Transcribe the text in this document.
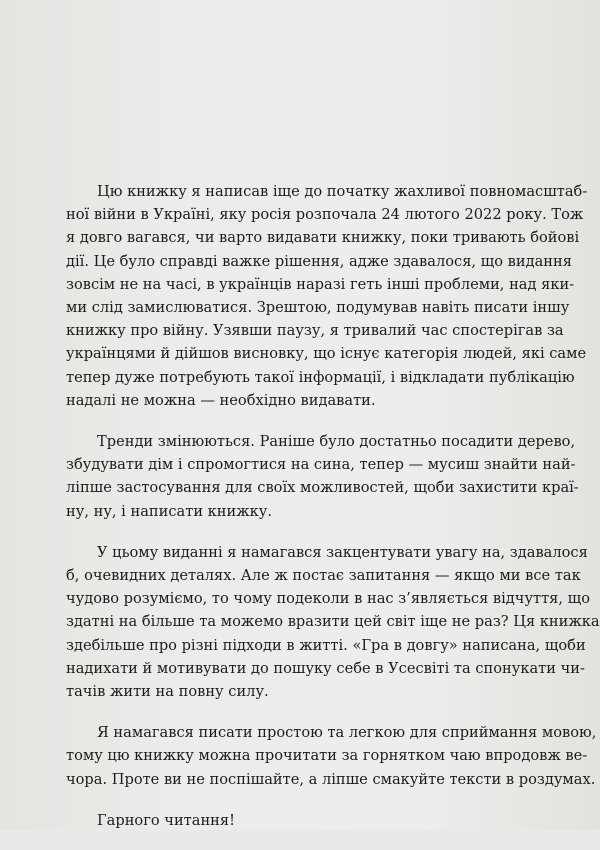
Цю книжку я написав іще до початку жахливої повномасштаб-
ної війни в Україні, яку росія розпочала 24 лютого 2022 року. Тож
я довго вагався, чи варто видавати книжку, поки тривають бойові
дії. Це було справді важке рішення, адже здавалося, що видання
зовсім не на часі, в українців наразі геть інші проблеми, над яки-
ми слід замислюватися. Зрештою, подумував навіть писати іншу
книжку про війну. Узявши паузу, я тривалий час спостерігав за
українцями й дійшов висновку, що існує категорія людей, які саме
тепер дуже потребують такої інформації, і відкладати публікацію
надалі не можна — необхідно видавати.

Тренди змінюються. Раніше було достатньо посадити дерево,
збудувати дім і спромогтися на сина, тепер — мусиш знайти най-
ліпше застосування для своїх можливостей, щоби захистити краї-
ну, ну, і написати книжку.

У цьому виданні я намагався закцентувати увагу на, здавалося
б, очевидних деталях. Але ж постає запитання — якщо ми все так
чудово розуміємо, то чому подеколи в нас з’являється відчуття, що
здатні на більше та можемо вразити цей світ іще не раз? Ця книжка
здебільше про різні підходи в житті. «Гра в довгу» написана, щоби
надихати й мотивувати до пошуку себе в Усесвіті та спонукати чи-
тачів жити на повну силу.

Я намагався писати простою та легкою для сприймання мовою,
тому цю книжку можна прочитати за горнятком чаю впродовж ве-
чора. Проте ви не поспішайте, а ліпше смакуйте тексти в роздумах.

Гарного читання!
